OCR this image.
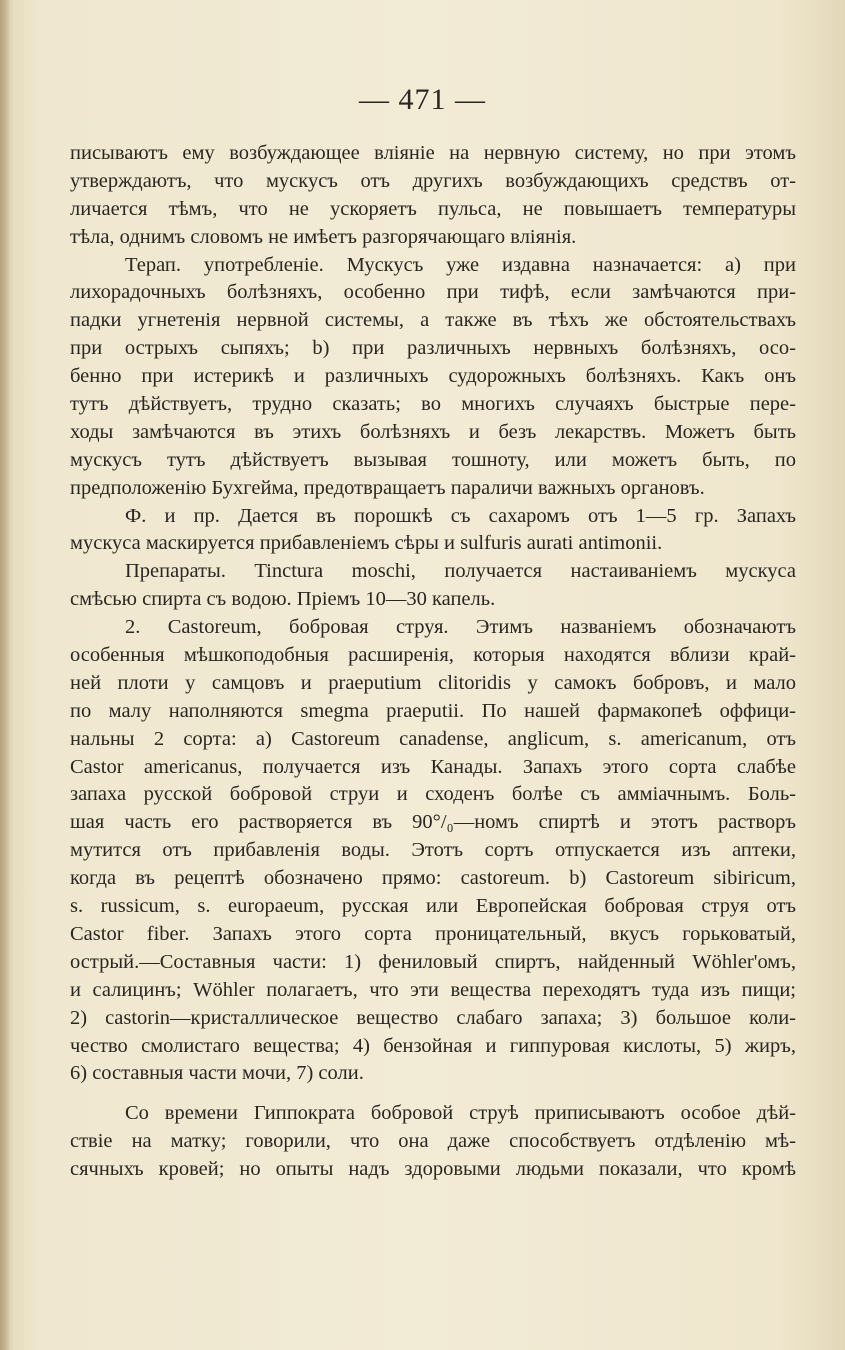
— 471 —
писываютъ ему возбуждающее вліяніе на нервную систему, но при этомъ
утверждаютъ, что мускусъ отъ другихъ возбуждающихъ средствъ от-
личается тѣмъ, что не ускоряетъ пульса, не повышаетъ температуры
тѣла, однимъ словомъ не имѣетъ разгорячающаго вліянія.
Терап. употребленіе. Мускусъ уже издавна назначается: a) при
лихорадочныхъ болѣзняхъ, особенно при тифѣ, если замѣчаются при-
падки угнетенія нервной системы, а также въ тѣхъ же обстоятельствахъ
при острыхъ сыпяхъ; b) при различныхъ нервныхъ болѣзняхъ, осо-
бенно при истерикѣ и различныхъ судорожныхъ болѣзняхъ. Какъ онъ
тутъ дѣйствуетъ, трудно сказать; во многихъ случаяхъ быстрые пере-
ходы замѣчаются въ этихъ болѣзняхъ и безъ лекарствъ. Можетъ быть
мускусъ тутъ дѣйствуетъ вызывая тошноту, или можетъ быть, по
предположенію Бухгейма, предотвращаетъ параличи важныхъ органовъ.
Ф. и пр. Дается въ порошкѣ съ сахаромъ отъ 1—5 гр. Запахъ
мускуса маскируется прибавленіемъ сѣры и sulfuris aurati antimonii.
Препараты. Tinctura moschi, получается настаиваніемъ мускуса
смѣсью спирта съ водою. Пріемъ 10—30 капель.
2. Castoreum, бобровая струя. Этимъ названіемъ обозначаютъ
особенныя мѣшкоподобныя расширенія, которыя находятся вблизи край-
ней плоти у самцовъ и praeputium clitoridis у самокъ бобровъ, и мало
по малу наполняются smegma praeputii. По нашей фармакопеѣ оффици-
нальны 2 сорта: a) Castoreum canadense, anglicum, s. americanum, отъ
Castor americanus, получается изъ Канады. Запахъ этого сорта слабѣе
запаха русской бобровой струи и сходенъ болѣе съ аммiачнымъ. Боль-
шая часть его растворяется въ 90°/₀—номъ спиртѣ и этотъ растворъ
мутится отъ прибавленія воды. Этотъ сортъ отпускается изъ аптеки,
когда въ рецептѣ обозначено прямо: castoreum. b) Castoreum sibiricum,
s. russicum, s. europaeum, русская или Европейская бобровая струя отъ
Castor fiber. Запахъ этого сорта проницательный, вкусъ горьковатый,
острый.—Составныя части: 1) фениловый спиртъ, найденный Wöhler'омъ,
и салицинъ; Wöhler полагаетъ, что эти вещества переходятъ туда изъ пищи;
2) castorin—кристаллическое вещество слабаго запаха; 3) большое коли-
чество смолистаго вещества; 4) бензойная и гиппуровая кислоты, 5) жиръ,
6) составныя части мочи, 7) соли.
Со времени Гиппократа бобровой струѣ приписываютъ особое дѣй-
ствіе на матку; говорили, что она даже способствуетъ отдѣленію мѣ-
сячныхъ кровей; но опыты надъ здоровыми людьми показали, что кромѣ
